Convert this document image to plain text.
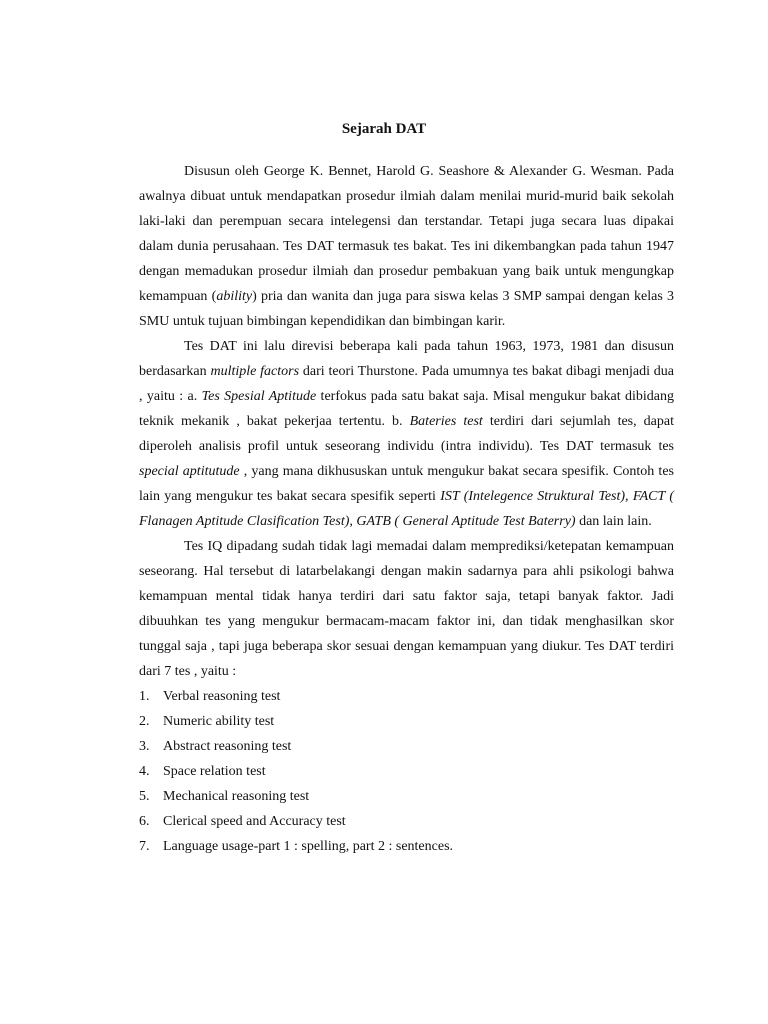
Sejarah DAT

Disusun oleh George K. Bennet, Harold G. Seashore & Alexander G. Wesman. Pada awalnya dibuat untuk mendapatkan prosedur ilmiah dalam menilai murid-murid baik sekolah laki-laki dan perempuan secara intelegensi dan terstandar. Tetapi juga secara luas dipakai dalam dunia perusahaan. Tes DAT termasuk tes bakat. Tes ini dikembangkan pada tahun 1947 dengan memadukan prosedur ilmiah dan prosedur pembakuan yang baik untuk mengungkap kemampuan (ability) pria dan wanita dan juga para siswa kelas 3 SMP sampai dengan kelas 3 SMU untuk tujuan bimbingan kependidikan dan bimbingan karir.

Tes DAT ini lalu direvisi beberapa kali pada tahun 1963, 1973, 1981 dan disusun berdasarkan multiple factors dari teori Thurstone. Pada umumnya tes bakat dibagi menjadi dua , yaitu : a. Tes Spesial Aptitude terfokus pada satu bakat saja. Misal mengukur bakat dibidang teknik mekanik , bakat pekerjaa tertentu. b. Bateries test terdiri dari sejumlah tes, dapat diperoleh analisis profil untuk seseorang individu (intra individu). Tes DAT termasuk tes special aptitutude , yang mana dikhususkan untuk mengukur bakat secara spesifik. Contoh tes lain yang mengukur tes bakat secara spesifik seperti IST (Intelegence Struktural Test), FACT ( Flanagen Aptitude Clasification Test), GATB ( General Aptitude Test Baterry) dan lain lain.

Tes IQ dipadang sudah tidak lagi memadai dalam memprediksi/ketepatan kemampuan seseorang. Hal tersebut di latarbelakangi dengan makin sadarnya para ahli psikologi bahwa kemampuan mental tidak hanya terdiri dari satu faktor saja, tetapi banyak faktor. Jadi dibuuhkan tes yang mengukur bermacam-macam faktor ini, dan tidak menghasilkan skor tunggal saja , tapi juga beberapa skor sesuai dengan kemampuan yang diukur. Tes DAT terdiri dari 7 tes , yaitu :

1. Verbal reasoning test
2. Numeric ability test
3. Abstract reasoning test
4. Space relation test
5. Mechanical reasoning test
6. Clerical speed and Accuracy test
7. Language usage-part 1 : spelling, part 2 : sentences.
